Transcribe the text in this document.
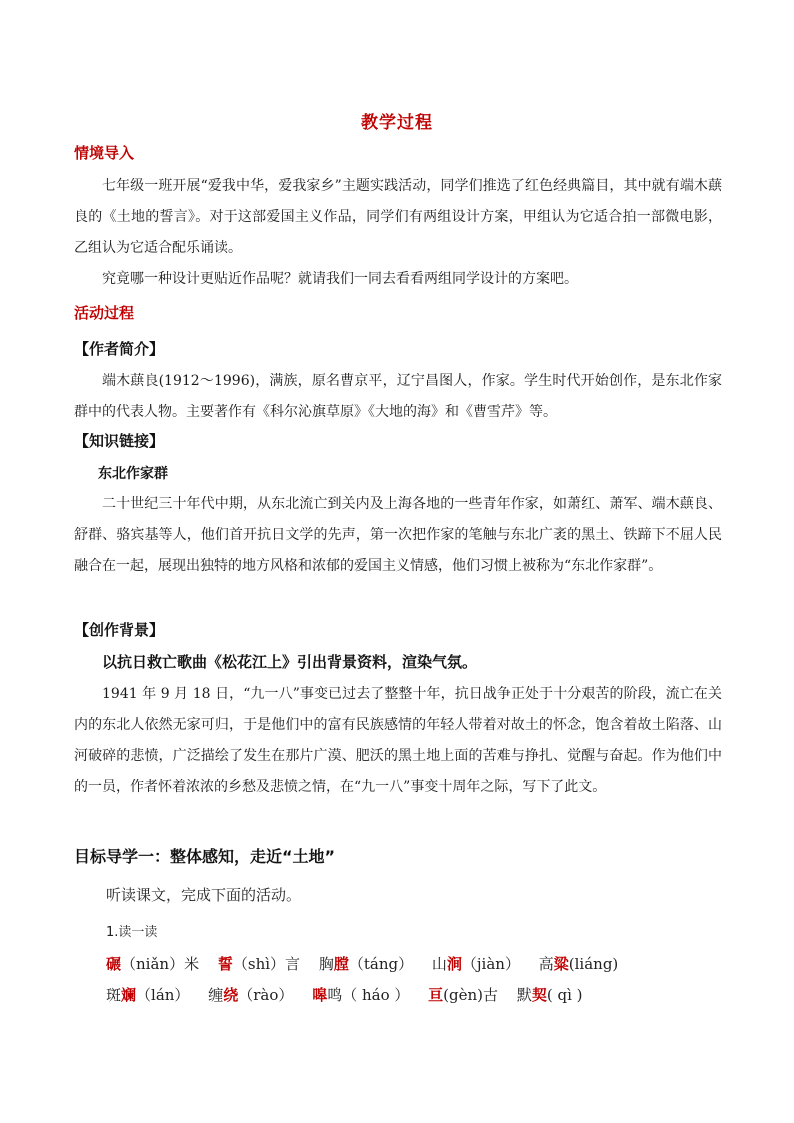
教学过程
情境导入
七年级一班开展“爱我中华，爱我家乡”主题实践活动，同学们推选了红色经典篇目，其中就有端木蕻良的《土地的誓言》。对于这部爱国主义作品，同学们有两组设计方案，甲组认为它适合拍一部微电影，乙组认为它适合配乐诵读。
究竟哪一种设计更贴近作品呢？就请我们一同去看看两组同学设计的方案吧。
活动过程
【作者简介】
端木蕻良(1912～1996)，满族，原名曹京平，辽宁昌图人，作家。学生时代开始创作，是东北作家群中的代表人物。主要著作有《科尔沁旗草原》《大地的海》和《曹雪芹》等。
【知识链接】
东北作家群
二十世纪三十年代中期，从东北流亡到关内及上海各地的一些青年作家，如萧红、萧军、端木蕻良、舒群、骆宾基等人，他们首开抗日文学的先声，第一次把作家的笔触与东北广袤的黑土、铁蹄下不屈人民融合在一起，展现出独特的地方风格和浓郁的爱国主义情感，他们习惯上被称为“东北作家群”。
【创作背景】
以抗日救亡歌曲《松花江上》引出背景资料，渲染气氛。
1941 年 9 月 18 日，“九一八”事变已过去了整整十年，抗日战争正处于十分艰苦的阶段，流亡在关内的东北人依然无家可归，于是他们中的富有民族感情的年轻人带着对故土的怀念，饱含着故土陷落、山河破碎的悲愤，广泛描绘了发生在那片广漠、肥沃的黑土地上面的苦难与挣扎、觉醒与奋起。作为他们中的一员，作者怀着浓浓的乡愁及悲愤之情，在“九一八”事变十周年之际，写下了此文。
目标导学一：整体感知，走近“土地”
听读课文，完成下面的活动。
1.读一读
碾（niǎn）米 誓（shì）言 胸膛（táng） 山涧（jiàn） 高粱(liáng)
斑斓（lán） 缠绕（rào） 嗥鸣（ háo ） 亘(gèn)古 默契( qì )
